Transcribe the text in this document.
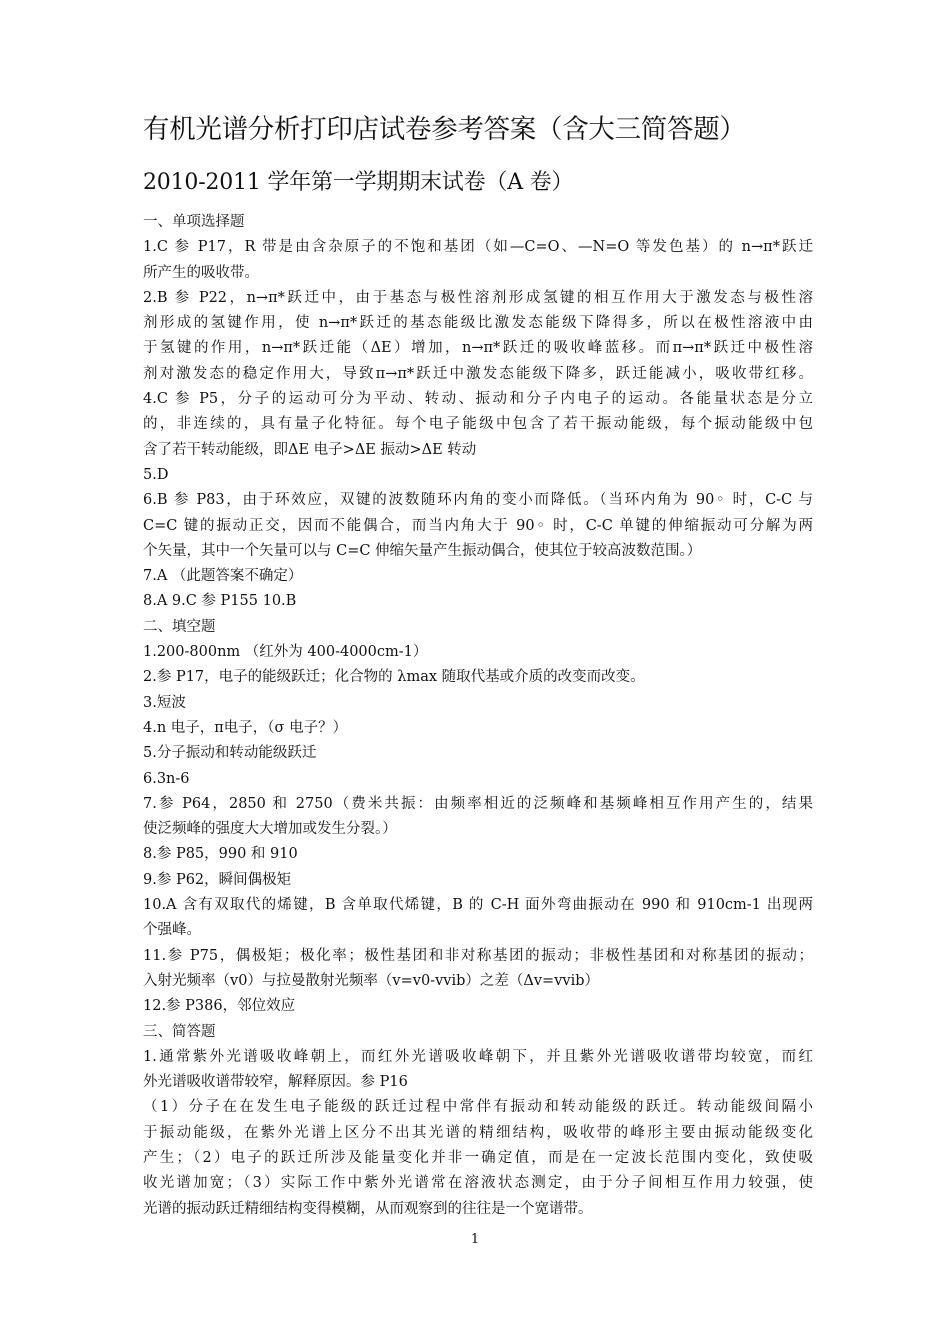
有机光谱分析打印店试卷参考答案（含大三简答题）
2010-2011 学年第一学期期末试卷（A 卷）
一、单项选择题
1.C 参 P17，R 带是由含杂原子的不饱和基团（如—C=O、—N=O 等发色基）的 n→π*跃迁
所产生的吸收带。
2.B 参 P22，n→π*跃迁中，由于基态与极性溶剂形成氢键的相互作用大于激发态与极性溶
剂形成的氢键作用，使 n→π*跃迁的基态能级比激发态能级下降得多，所以在极性溶液中由
于氢键的作用，n→π*跃迁能（ΔE）增加，n→π*跃迁的吸收峰蓝移。而π→π*跃迁中极性溶
剂对激发态的稳定作用大，导致π→π*跃迁中激发态能级下降多，跃迁能减小，吸收带红移。
4.C 参 P5，分子的运动可分为平动、转动、振动和分子内电子的运动。各能量状态是分立
的，非连续的，具有量子化特征。每个电子能级中包含了若干振动能级，每个振动能级中包
含了若干转动能级，即ΔE 电子>ΔE 振动>ΔE 转动
5.D
6.B 参 P83，由于环效应，双键的波数随环内角的变小而降低。（当环内角为 90◦ 时，C-C 与
C=C 键的振动正交，因而不能偶合，而当内角大于 90◦ 时，C-C 单键的伸缩振动可分解为两
个矢量，其中一个矢量可以与 C=C 伸缩矢量产生振动偶合，使其位于较高波数范围。）
7.A （此题答案不确定）
8.A 9.C 参 P155 10.B
二、填空题
1.200-800nm （红外为 400-4000cm-1）
2.参 P17，电子的能级跃迁；化合物的 λmax 随取代基或介质的改变而改变。
3.短波
4.n 电子，π电子，（σ 电子？）
5.分子振动和转动能级跃迁
6.3n-6
7.参 P64，2850 和 2750（费米共振：由频率相近的泛频峰和基频峰相互作用产生的，结果
使泛频峰的强度大大增加或发生分裂。）
8.参 P85，990 和 910
9.参 P62，瞬间偶极矩
10.A 含有双取代的烯键，B 含单取代烯键，B 的 C-H 面外弯曲振动在 990 和 910cm-1 出现两
个强峰。
11.参 P75，偶极矩；极化率；极性基团和非对称基团的振动；非极性基团和对称基团的振动；
入射光频率（v0）与拉曼散射光频率（v=v0-vvib）之差（Δv=vvib）
12.参 P386，邻位效应
三、简答题
1.通常紫外光谱吸收峰朝上，而红外光谱吸收峰朝下，并且紫外光谱吸收谱带均较宽，而红
外光谱吸收谱带较窄，解释原因。参 P16
（1）分子在在发生电子能级的跃迁过程中常伴有振动和转动能级的跃迁。转动能级间隔小
于振动能级，在紫外光谱上区分不出其光谱的精细结构，吸收带的峰形主要由振动能级变化
产生；（2）电子的跃迁所涉及能量变化并非一确定值，而是在一定波长范围内变化，致使吸
收光谱加宽；（3）实际工作中紫外光谱常在溶液状态测定，由于分子间相互作用力较强，使
光谱的振动跃迁精细结构变得模糊，从而观察到的往往是一个宽谱带。
1
